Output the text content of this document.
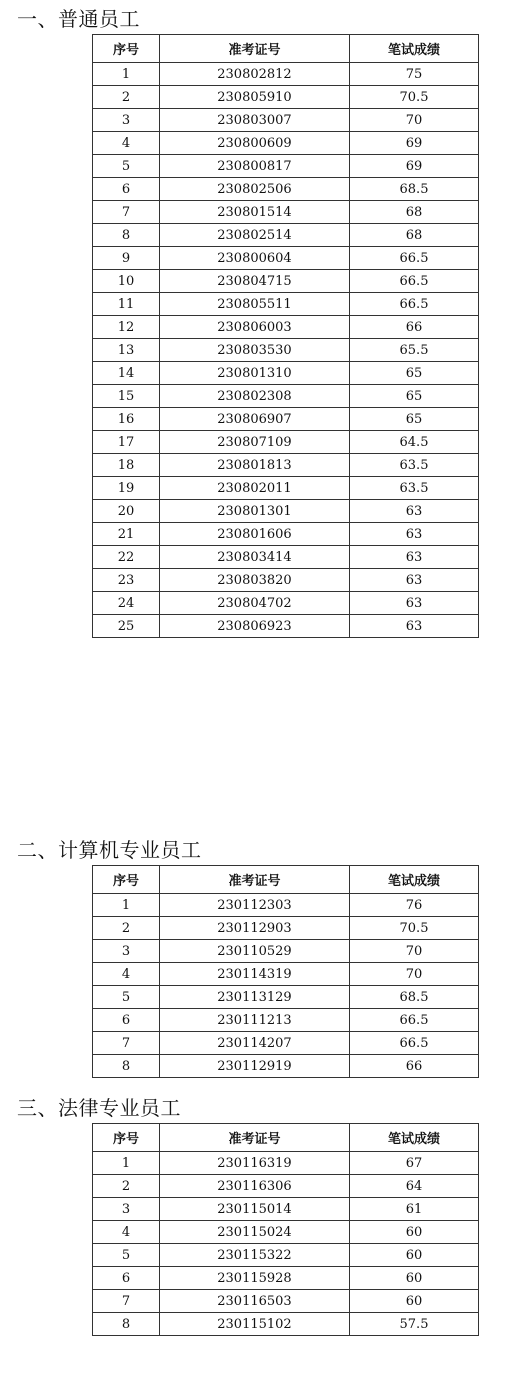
一、普通员工
序号	准考证号	笔试成绩
1	230802812	75
2	230805910	70.5
3	230803007	70
4	230800609	69
5	230800817	69
6	230802506	68.5
7	230801514	68
8	230802514	68
9	230800604	66.5
10	230804715	66.5
11	230805511	66.5
12	230806003	66
13	230803530	65.5
14	230801310	65
15	230802308	65
16	230806907	65
17	230807109	64.5
18	230801813	63.5
19	230802011	63.5
20	230801301	63
21	230801606	63
22	230803414	63
23	230803820	63
24	230804702	63
25	230806923	63
二、计算机专业员工
序号	准考证号	笔试成绩
1	230112303	76
2	230112903	70.5
3	230110529	70
4	230114319	70
5	230113129	68.5
6	230111213	66.5
7	230114207	66.5
8	230112919	66
三、法律专业员工
序号	准考证号	笔试成绩
1	230116319	67
2	230116306	64
3	230115014	61
4	230115024	60
5	230115322	60
6	230115928	60
7	230116503	60
8	230115102	57.5
